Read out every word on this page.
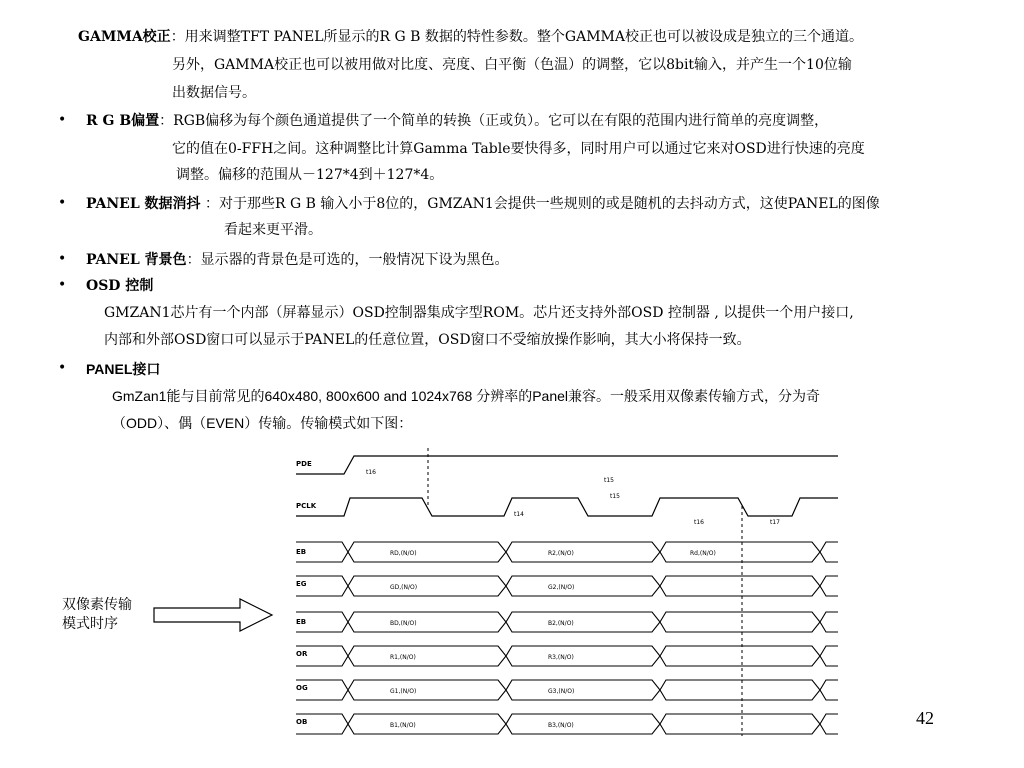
GAMMA校正：用来调整TFT PANEL所显示的R G B 数据的特性参数。整个GAMMA校正也可以被设成是独立的三个通道。
另外，GAMMA校正也可以被用做对比度、亮度、白平衡（色温）的调整，它以8bit输入，并产生一个10位输
出数据信号。
• R G B偏置：RGB偏移为每个颜色通道提供了一个简单的转换（正或负）。它可以在有限的范围内进行简单的亮度调整，
它的值在0-FFH之间。这种调整比计算Gamma Table要快得多，同时用户可以通过它来对OSD进行快速的亮度
调整。偏移的范围从－127*4到＋127*4。
• PANEL 数据消抖 ：对于那些R G B 输入小于8位的，GMZAN1会提供一些规则的或是随机的去抖动方式，这使PANEL的图像
看起来更平滑。
• PANEL 背景色：显示器的背景色是可选的，一般情况下设为黑色。
• OSD 控制
GMZAN1芯片有一个内部（屏幕显示）OSD控制器集成字型ROM。芯片还支持外部OSD 控制器 , 以提供一个用户接口,
内部和外部OSD窗口可以显示于PANEL的任意位置，OSD窗口不受缩放操作影响，其大小将保持一致。
• PANEL接口
GmZan1能与目前常见的640x480, 800x600 and 1024x768 分辨率的Panel兼容。一般采用双像素传输方式，分为奇
（ODD）、偶（EVEN）传输。传输模式如下图：
双像素传输
模式时序
PDE
PCLK
EB
EG
EB
OR
OG
OB
t16
t15
t15
t14
t16	t17
RD,(N/O)	R2,(N/O)	Rd,(N/O)
GD,(N/O)	G2,(N/O)
BD,(N/O)	B2,(N/O)
R1,(N/O)	R3,(N/O)
G1,(N/O)	G3,(N/O)
B1,(N/O)	B3,(N/O)	42
